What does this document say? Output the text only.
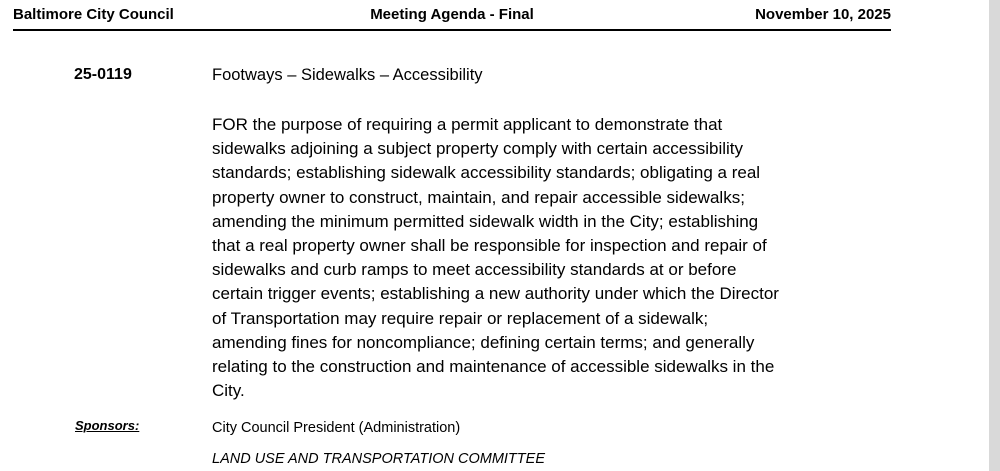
Baltimore City Council	Meeting Agenda - Final	November 10, 2025
25-0119	Footways – Sidewalks – Accessibility
FOR the purpose of requiring a permit applicant to demonstrate that
sidewalks adjoining a subject property comply with certain accessibility
standards; establishing sidewalk accessibility standards; obligating a real
property owner to construct, maintain, and repair accessible sidewalks;
amending the minimum permitted sidewalk width in the City; establishing
that a real property owner shall be responsible for inspection and repair of
sidewalks and curb ramps to meet accessibility standards at or before
certain trigger events; establishing a new authority under which the Director
of Transportation may require repair or replacement of a sidewalk;
amending fines for noncompliance; defining certain terms; and generally
relating to the construction and maintenance of accessible sidewalks in the
City.
Sponsors:	City Council President (Administration)
LAND USE AND TRANSPORTATION COMMITTEE
